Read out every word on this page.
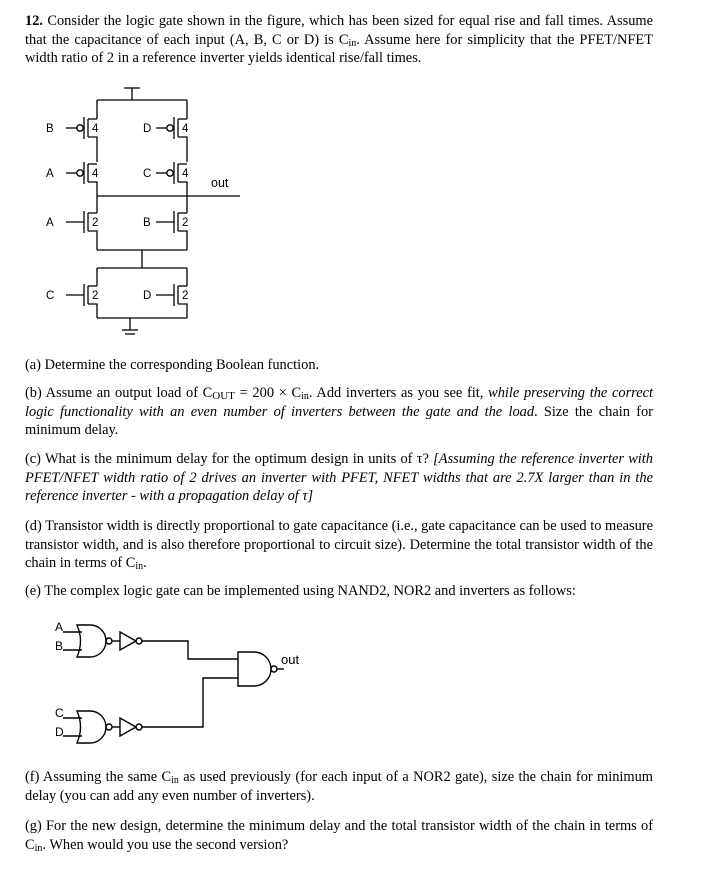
12. Consider the logic gate shown in the figure, which has been sized for equal rise and fall times. Assume that the capacitance of each input (A, B, C or D) is $C_{in}$. Assume here for simplicity that the PFET/NFET width ratio of 2 in a reference inverter yields identical rise/fall times.
B	4
A	4
D	4
C	4
out
A	2
C	2
B	2
D	2
(a) Determine the corresponding Boolean function.
(b) Assume an output load of $C_{OUT} = 200 \times C_{in}$. Add inverters as you see fit, while preserving the correct logic functionality with an even number of inverters between the gate and the load. Size the chain for minimum delay.
(c) What is the minimum delay for the optimum design in units of τ? [Assuming the reference inverter with PFET/NFET width ratio of 2 drives an inverter with PFET, NFET widths that are 2.7X larger than in the reference inverter - with a propagation delay of τ]
(d) Transistor width is directly proportional to gate capacitance (i.e., gate capacitance can be used to measure transistor width, and is also therefore proportional to circuit size). Determine the total transistor width of the chain in terms of $C_{in}$.
(e) The complex logic gate can be implemented using NAND2, NOR2 and inverters as follows:
A
B
C
D
out
(f) Assuming the same $C_{in}$ as used previously (for each input of a NOR2 gate), size the chain for minimum delay (you can add any even number of inverters).
(g) For the new design, determine the minimum delay and the total transistor width of the chain in terms of $C_{in}$. When would you use the second version?
